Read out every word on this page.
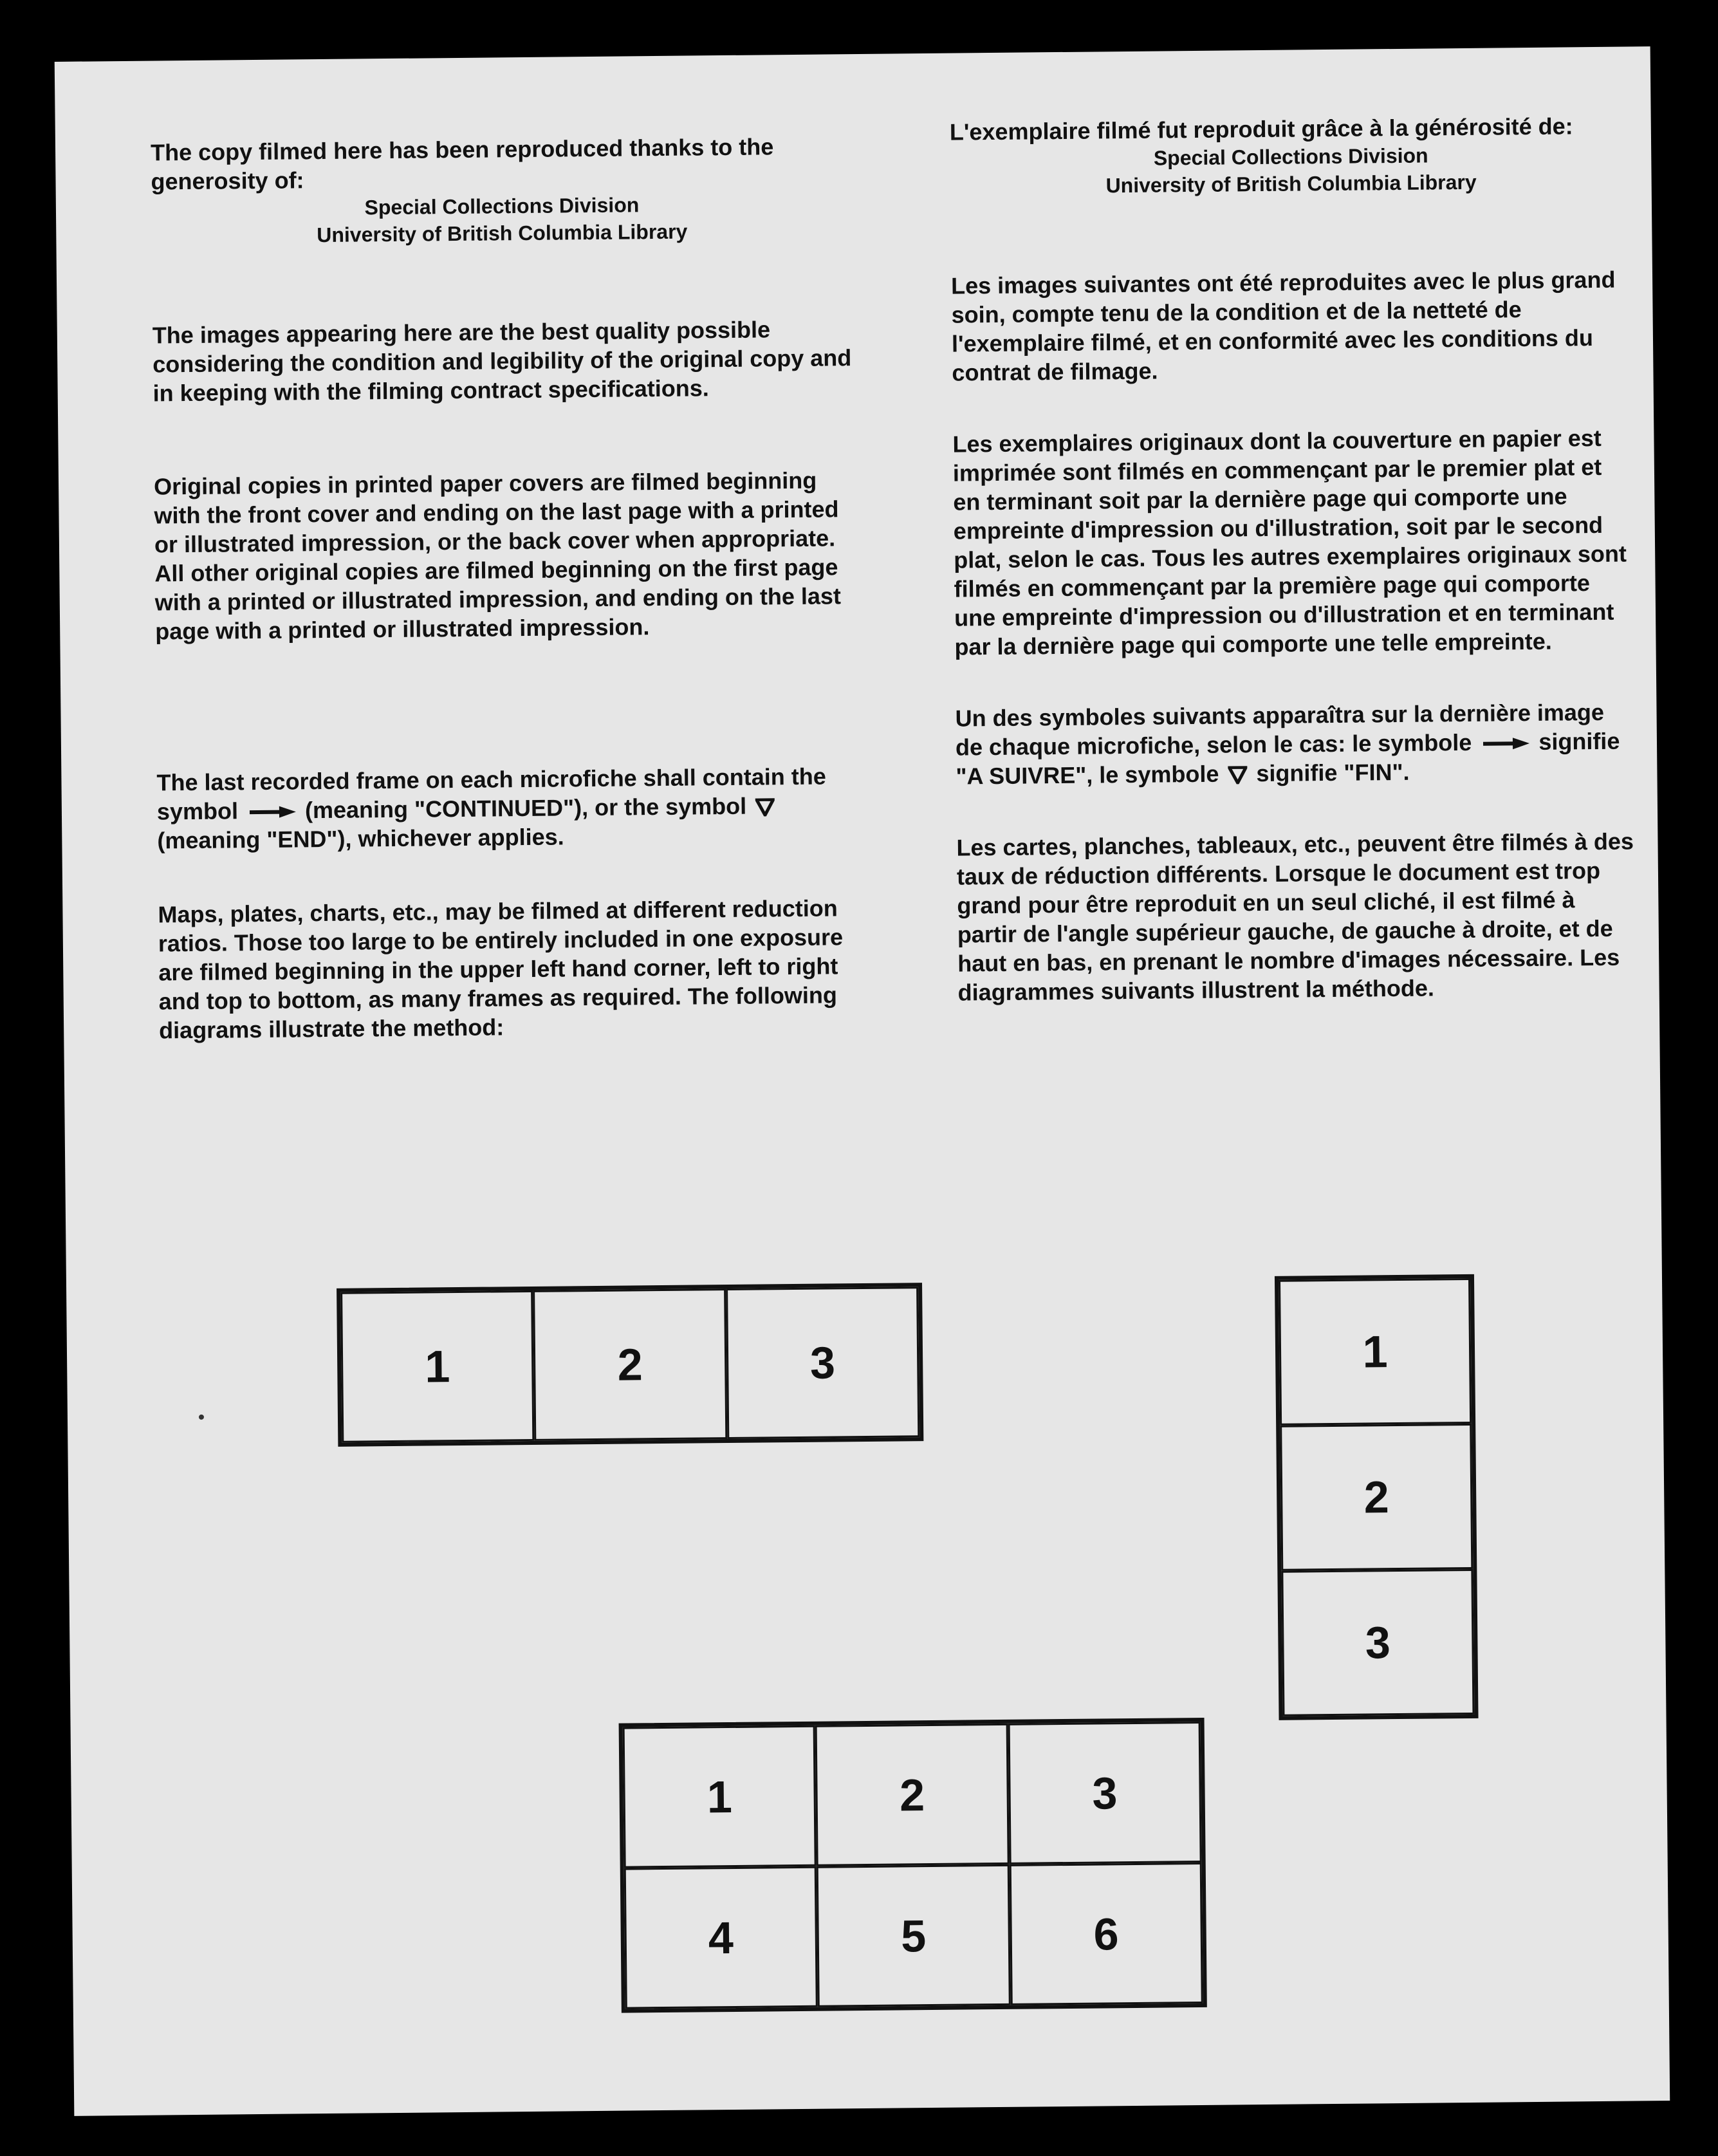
The copy filmed here has been reproduced thanks to the generosity of:

Special Collections Division

University of British Columbia Library

The images appearing here are the best quality possible considering the condition and legibility of the original copy and in keeping with the filming contract specifications.

Original copies in printed paper covers are filmed beginning with the front cover and ending on the last page with a printed or illustrated impression, or the back cover when appropriate. All other original copies are filmed beginning on the first page with a printed or illustrated impression, and ending on the last page with a printed or illustrated impression.

The last recorded frame on each microfiche shall contain the symbol	(meaning "CONTINUED"), or the symbol  (meaning "END"), whichever applies.

Maps, plates, charts, etc., may be filmed at different reduction ratios. Those too large to be entirely included in one exposure are filmed beginning in the upper left hand corner, left to right and top to bottom, as many frames as required. The following diagrams illustrate the method:

L'exemplaire filmé fut reproduit grâce à la générosité de:

Special Collections Division

University of British Columbia Library

Les images suivantes ont été reproduites avec le plus grand soin, compte tenu de la condition et de la netteté de l'exemplaire filmé, et en conformité avec les conditions du contrat de filmage.

Les exemplaires originaux dont la couverture en papier est imprimée sont filmés en commençant par le premier plat et en terminant soit par la dernière page qui comporte une empreinte d'impression ou d'illustration, soit par le second plat, selon le cas. Tous les autres exemplaires originaux sont filmés en commençant par la première page qui comporte une empreinte d'impression ou d'illustration et en terminant par la dernière page qui comporte une telle empreinte.

Un des symboles suivants apparaîtra sur la dernière image de chaque microfiche, selon le cas: le symbole	signifie "A SUIVRE", le symbole signifie "FIN".

Les cartes, planches, tableaux, etc., peuvent être filmés à des taux de réduction différents. Lorsque le document est trop grand pour être reproduit en un seul cliché, il est filmé à partir de l'angle supérieur gauche, de gauche à droite, et de haut en bas, en prenant le nombre d'images nécessaire. Les diagrammes suivants illustrent la méthode.

1	2	3	1
2
3
1	2	3
4	5	6
